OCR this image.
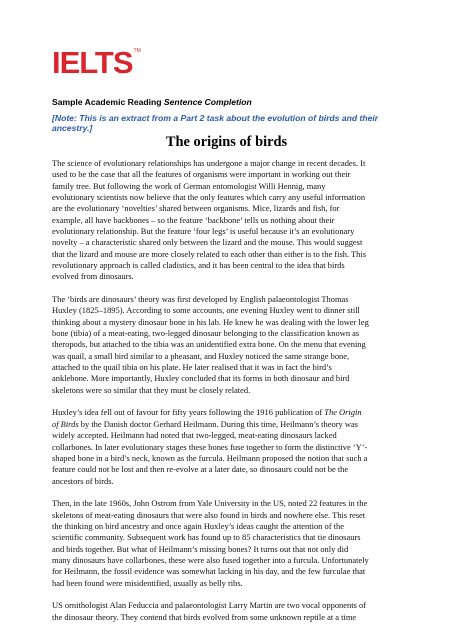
IELTS™
Sample Academic Reading Sentence Completion
[Note: This is an extract from a Part 2 task about the evolution of birds and their ancestry.]
The origins of birds

The science of evolutionary relationships has undergone a major change in recent decades. It
used to be the case that all the features of organisms were important in working out their
family tree. But following the work of German entomologist Willi Hennig, many
evolutionary scientists now believe that the only features which carry any useful information
are the evolutionary ‘novelties’ shared between organisms. Mice, lizards and fish, for
example, all have backbones – so the feature ‘backbone’ tells us nothing about their
evolutionary relationship. But the feature ‘four legs’ is useful because it’s an evolutionary
novelty – a characteristic shared only between the lizard and the mouse. This would suggest
that the lizard and mouse are more closely related to each other than either is to the fish. This
revolutionary approach is called cladistics, and it has been central to the idea that birds
evolved from dinosaurs.

The ‘birds are dinosaurs’ theory was first developed by English palaeontologist Thomas
Huxley (1825–1895). According to some accounts, one evening Huxley went to dinner still
thinking about a mystery dinosaur bone in his lab. He knew he was dealing with the lower leg
bone (tibia) of a meat-eating, two-legged dinosaur belonging to the classification known as
theropods, but attached to the tibia was an unidentified extra bone. On the menu that evening
was quail, a small bird similar to a pheasant, and Huxley noticed the same strange bone,
attached to the quail tibia on his plate. He later realised that it was in fact the bird’s
anklebone. More importantly, Huxley concluded that its forms in both dinosaur and bird
skeletons were so similar that they must be closely related.

Huxley’s idea fell out of favour for fifty years following the 1916 publication of The Origin
of Birds by the Danish doctor Gerhard Heilmann. During this time, Heilmann’s theory was
widely accepted. Heilmann had noted that two-legged, meat-eating dinosaurs lacked
collarbones. In later evolutionary stages these bones fuse together to form the distinctive ‘Y’-
shaped bone in a bird’s neck, known as the furcula. Heilmann proposed the notion that such a
feature could not be lost and then re-evolve at a later date, so dinosaurs could not be the
ancestors of birds.

Then, in the late 1960s, John Ostrom from Yale University in the US, noted 22 features in the
skeletons of meat-eating dinosaurs that were also found in birds and nowhere else. This reset
the thinking on bird ancestry and once again Huxley’s ideas caught the attention of the
scientific community. Subsequent work has found up to 85 characteristics that tie dinosaurs
and birds together. But what of Heilmann’s missing bones? It turns out that not only did
many dinosaurs have collarbones, these were also fused together into a furcula. Unfortunately
for Heilmann, the fossil evidence was somewhat lacking in his day, and the few furculae that
had been found were misidentified, usually as belly ribs.

US ornithologist Alan Feduccia and palaeontologist Larry Martin are two vocal opponents of
the dinosaur theory. They contend that birds evolved from some unknown reptile at a time
